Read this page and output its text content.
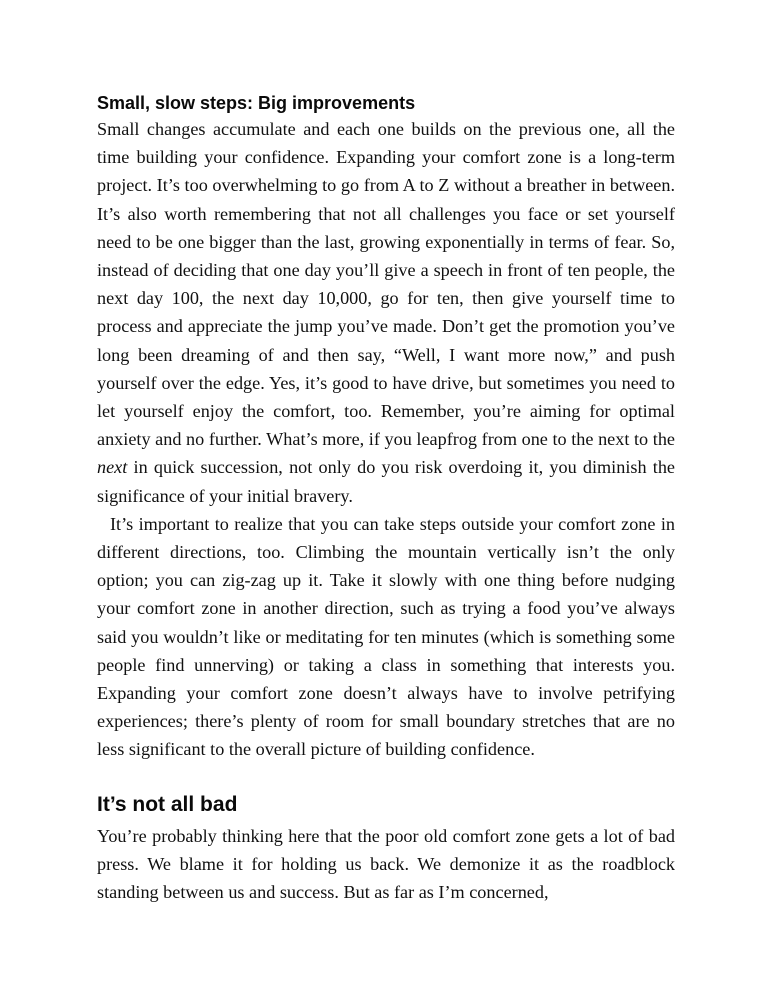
Small, slow steps: Big improvements

Small changes accumulate and each one builds on the previous one, all the time building your confidence. Expanding your comfort zone is a long-term project. It’s too overwhelming to go from A to Z without a breather in between. It’s also worth remembering that not all challenges you face or set yourself need to be one bigger than the last, growing exponentially in terms of fear. So, instead of deciding that one day you’ll give a speech in front of ten people, the next day 100, the next day 10,000, go for ten, then give yourself time to process and appreciate the jump you’ve made. Don’t get the promotion you’ve long been dreaming of and then say, “Well, I want more now,” and push yourself over the edge. Yes, it’s good to have drive, but sometimes you need to let yourself enjoy the comfort, too. Remember, you’re aiming for optimal anxiety and no further. What’s more, if you leapfrog from one to the next to the next in quick succession, not only do you risk overdoing it, you diminish the significance of your initial bravery.

It’s important to realize that you can take steps outside your comfort zone in different directions, too. Climbing the mountain vertically isn’t the only option; you can zig-zag up it. Take it slowly with one thing before nudging your comfort zone in another direction, such as trying a food you’ve always said you wouldn’t like or meditating for ten minutes (which is something some people find unnerving) or taking a class in something that interests you. Expanding your comfort zone doesn’t always have to involve petrifying experiences; there’s plenty of room for small boundary stretches that are no less significant to the overall picture of building confidence.

It’s not all bad

You’re probably thinking here that the poor old comfort zone gets a lot of bad press. We blame it for holding us back. We demonize it as the roadblock standing between us and success. But as far as I’m concerned,
